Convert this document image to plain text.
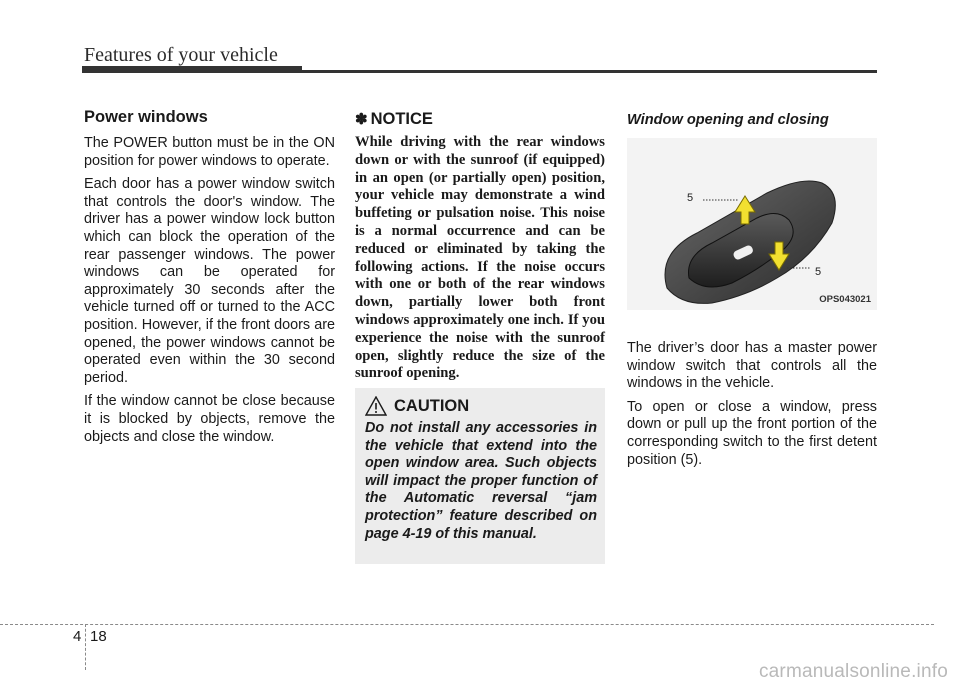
Features of your vehicle
Power windows

The POWER button must be in the ON position for power windows to operate.

Each door has a power window switch that controls the door's window. The driver has a power window lock button which can block the operation of the rear passenger windows. The power windows can be operated for approximately 30 seconds after the vehicle turned off or turned to the ACC position. However, if the front doors are opened, the power windows cannot be operated even within the 30 second period.

If the window cannot be close because it is blocked by objects, remove the objects and close the window.

✽ NOTICE

While driving with the rear windows down or with the sunroof (if equipped) in an open (or partially open) position, your vehicle may demonstrate a wind buffeting or pulsation noise. This noise is a normal occurrence and can be reduced or eliminated by taking the following actions. If the noise occurs with one or both of the rear windows down, partially lower both front windows approximately one inch. If you experience the noise with the sunroof open, slightly reduce the size of the sunroof opening.

CAUTION

Do not install any accessories in the vehicle that extend into the open window area. Such objects will impact the proper function of the Automatic reversal “jam protection” feature described on page 4-19 of this manual.

Window opening and closing
5
5
OPS043021

The driver’s door has a master power window switch that controls all the windows in the vehicle.

To open or close a window, press down or pull up the front portion of the corresponding switch to the first detent position (5).

4 18
carmanualsonline.info
